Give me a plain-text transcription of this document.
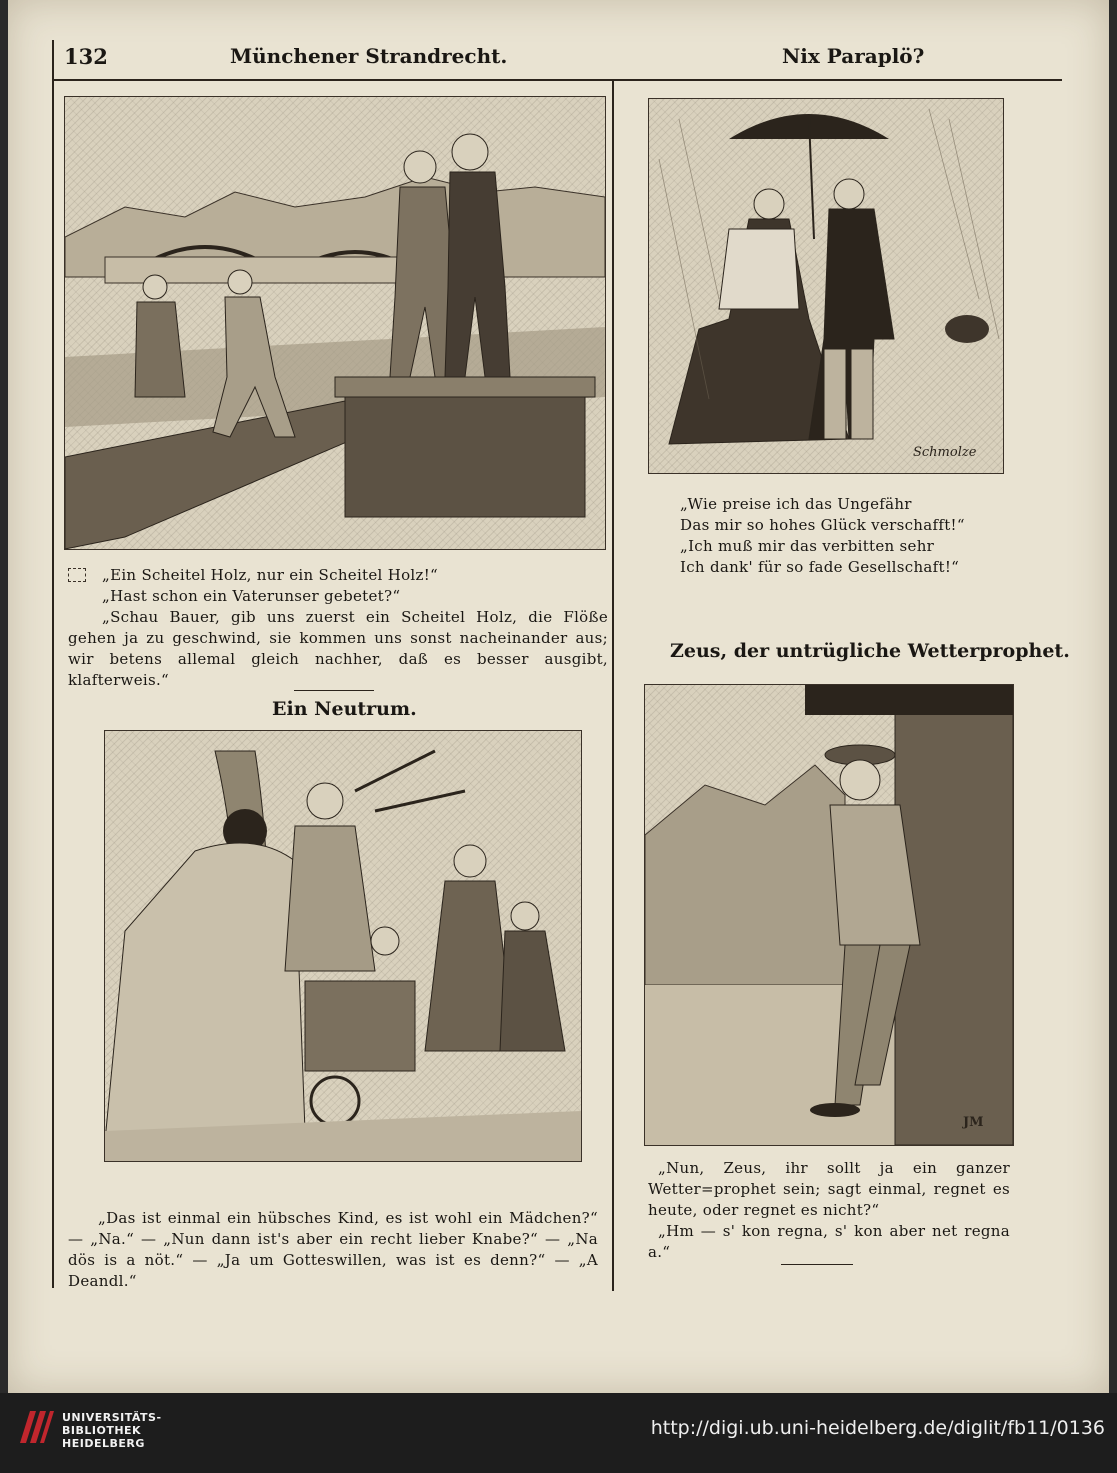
132	Münchener Strandrecht.	Nix Paraplö?
Schmolze
JM

„Ein Scheitel Holz, nur ein Scheitel Holz!“

„Hast schon ein Vaterunser gebetet?“

„Schau Bauer, gib uns zuerst ein Scheitel Holz, die Flöße gehen ja zu geschwind, sie kommen uns sonst nacheinander aus; wir betens allemal gleich nachher, daß es besser ausgibt, klafterweis.“

Ein Neutrum.
„Das ist einmal ein hübsches Kind, es ist wohl ein Mädchen?“ — „Na.“ — „Nun dann ist's aber ein recht lieber Knabe?“ — „Na dös is a nöt.“ — „Ja um Gotteswillen, was ist es denn?“ — „A Deandl.“

„Wie preise ich das Ungefähr

Das mir so hohes Glück verschafft!“

„Ich muß mir das verbitten sehr

Ich dank' für so fade Gesellschaft!“

Zeus, der untrügliche Wetterprophet.

„Nun, Zeus, ihr sollt ja ein ganzer Wetter=prophet sein; sagt einmal, regnet es heute, oder regnet es nicht?“

„Hm — s' kon regna, s' kon aber net regna a.“

UNIVERSITÄTS-
BIBLIOTHEK
HEIDELBERG
http://digi.ub.uni-heidelberg.de/diglit/fb11/0136
